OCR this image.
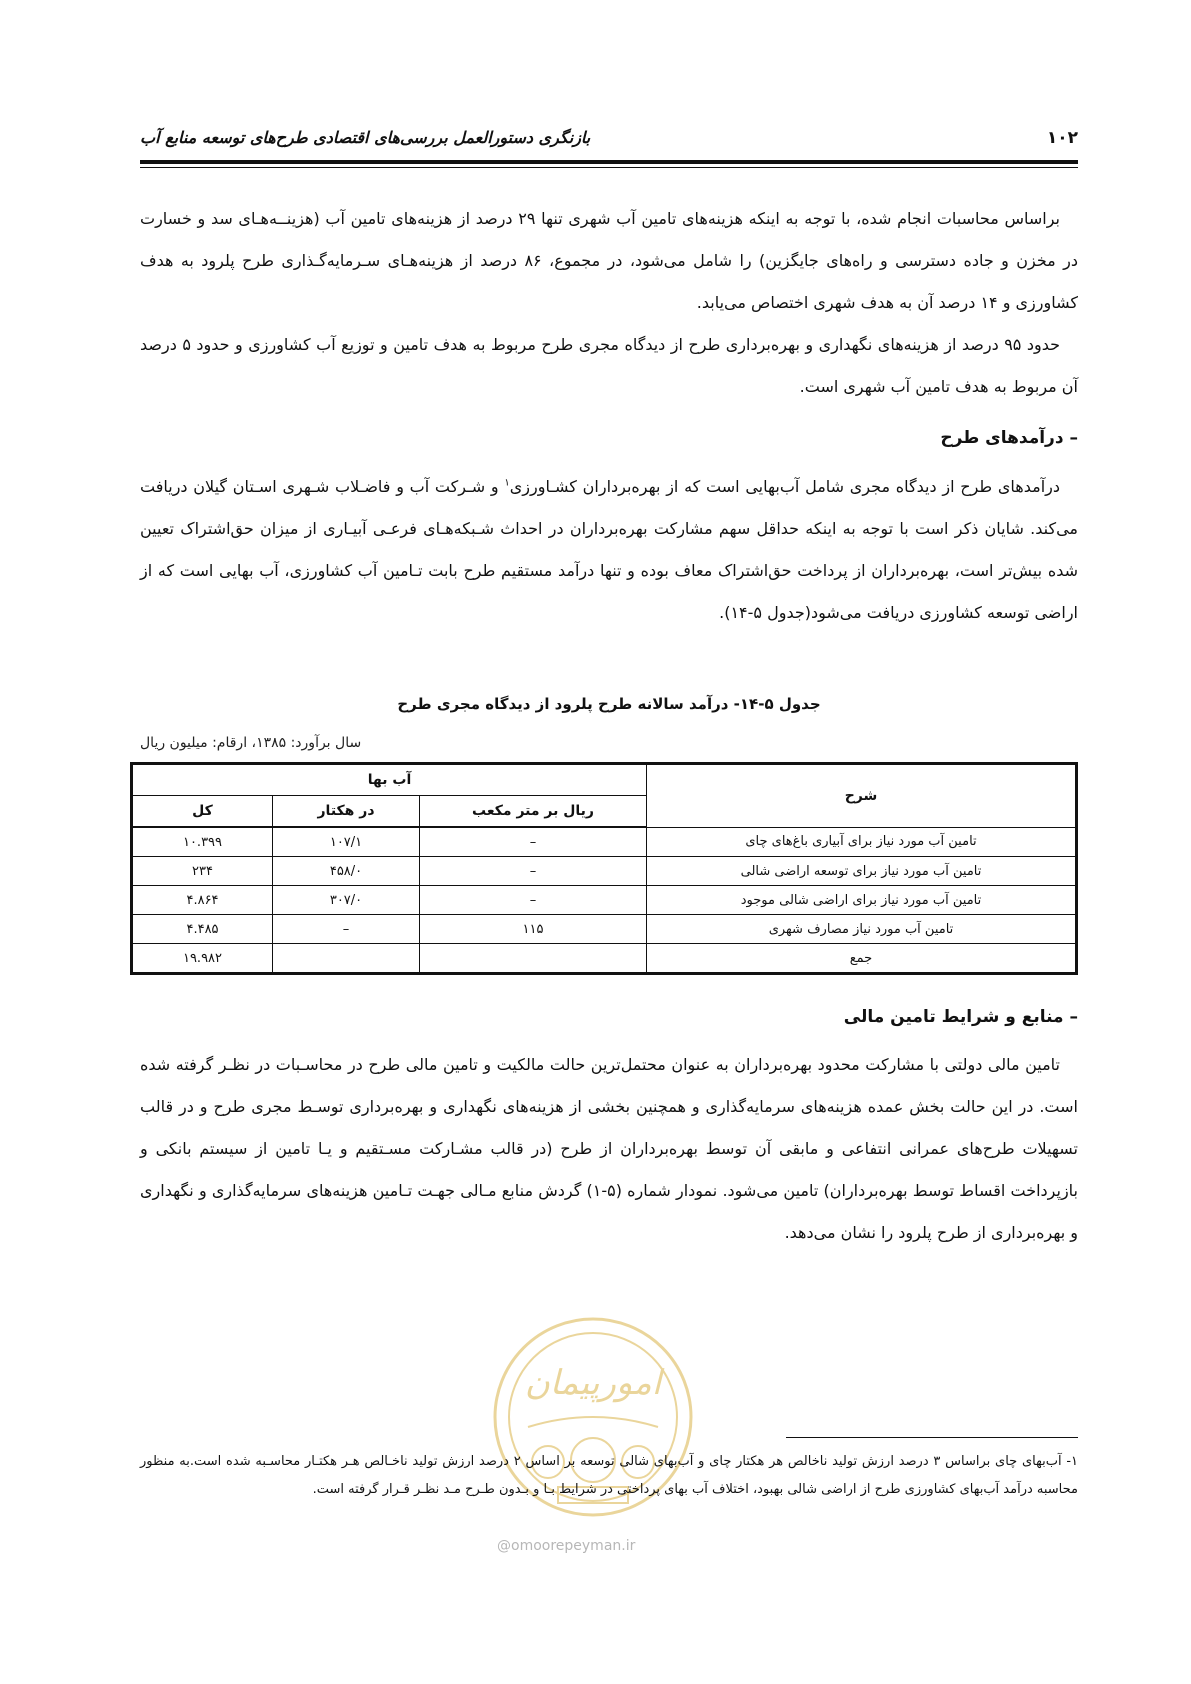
۱۰۲
بازنگری دستورالعمل بررسی‌های اقتصادی طرح‌های توسعه منابع آب

براساس محاسبات انجام شده، با توجه به اینکه هزینه‌های تامین آب شهری تنها ۲۹ درصد از هزینه‌های تامین آب (هزینــه‌هـای سد و خسارت در مخزن و جاده دسترسی و راه‌های جایگزین) را شامل می‌شود، در مجموع، ۸۶ درصد از هزینه‌هـای سـرمایه‌گـذاری طرح پلرود به هدف کشاورزی و ۱۴ درصد آن به هدف شهری اختصاص می‌یابد.

حدود ۹۵ درصد از هزینه‌های نگهداری و بهره‌برداری طرح از دیدگاه مجری طرح مربوط به هدف تامین و توزیع آب کشاورزی و حدود ۵ درصد آن مربوط به هدف تامین آب شهری است.

– درآمدهای طرح

درآمدهای طرح از دیدگاه مجری شامل آب‌بهایی است که از بهره‌برداران کشـاورزی$^۱$ و شـرکت آب و فاضـلاب شـهری اسـتان گیلان دریافت می‌کند. شایان ذکر است با توجه به اینکه حداقل سهم مشارکت بهره‌برداران در احداث شـبکه‌هـای فرعـی آبیـاری از میزان حق‌اشتراک تعیین شده بیش‌تر است، بهره‌برداران از پرداخت حق‌اشتراک معاف بوده و تنها درآمد مستقیم طرح بابت تـامین آب کشاورزی، آب بهایی است که از اراضی توسعه کشاورزی دریافت می‌شود(جدول ۵-۱۴).

جدول ۵-۱۴- درآمد سالانه طرح پلرود از دیدگاه مجری طرح
سال برآورد: ۱۳۸۵، ارقام: میلیون ریال
شرح	آب بها		
	ریال بر متر مکعب	در هکتار	کل
تامین آب مورد نیاز برای آبیاری باغ‌های چای	–	۱۰۷/۱	۱۰.۳۹۹
تامین آب مورد نیاز برای توسعه اراضی شالی	–	۴۵۸/۰	۲۳۴
تامین آب مورد نیاز برای اراضی شالی موجود	–	۳۰۷/۰	۴.۸۶۴
تامین آب مورد نیاز مصارف شهری	۱۱۵	–	۴.۴۸۵
جمع			۱۹.۹۸۲
– منابع و شرایط تامین مالی

تامین مالی دولتی با مشارکت محدود بهره‌برداران به عنوان محتمل‌ترین حالت مالکیت و تامین مالی طرح در محاسـبات در نظـر گرفته شده است. در این حالت بخش عمده هزینه‌های سرمایه‌گذاری و همچنین بخشی از هزینه‌های نگهداری و بهره‌برداری توسـط مجری طرح و در قالب تسهیلات طرح‌های عمرانی انتفاعی و مابقی آن توسط بهره‌برداران از طرح (در قالب مشـارکت مسـتقیم و یـا تامین از سیستم بانکی و بازپرداخت اقساط توسط بهره‌برداران) تامین می‌شود. نمودار شماره (۵-۱) گردش منابع مـالی جهـت تـامین هزینه‌های سرمایه‌گذاری و نگهداری و بهره‌برداری از طرح پلرود را نشان می‌دهد.

امورپیمان
@omoorepeyman.ir
۱- آب‌بهای چای براساس ۳ درصد ارزش تولید ناخالص هر هکتار چای و آب‌بهای شالی توسعه بر اساس ۲ درصد ارزش تولید ناخـالص هـر هکتـار محاسـبه شده است.به منظور محاسبه درآمد آب‌بهای کشاورزی طرح از اراضی شالی بهبود، اختلاف آب بهای پرداختی در شرایط بـا و بـدون طـرح مـد نظـر قـرار گرفته است.
